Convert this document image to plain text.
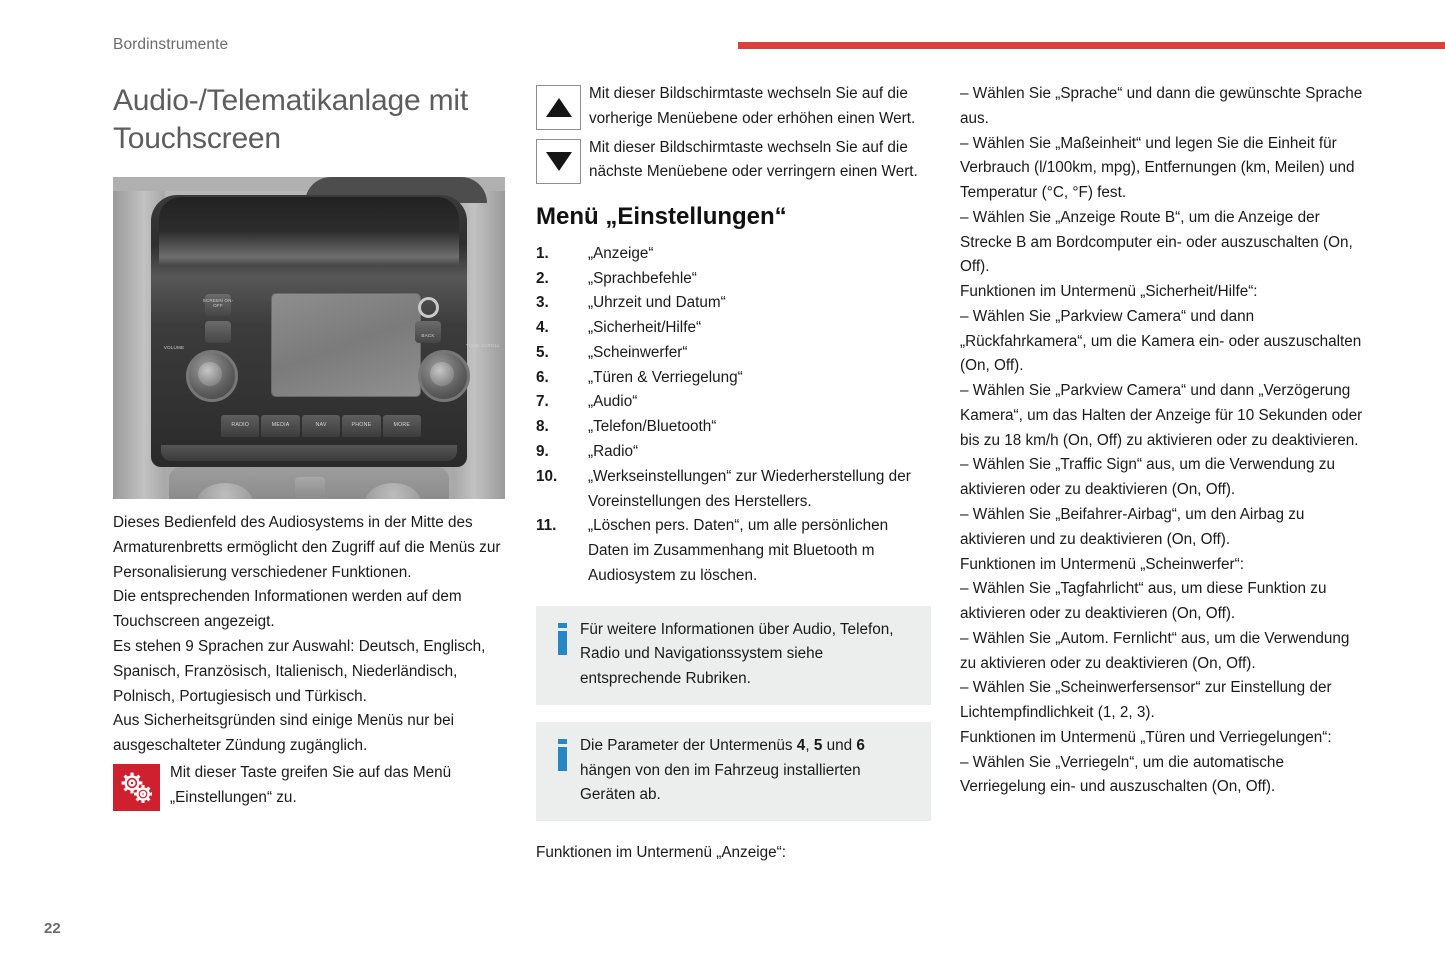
Bordinstrumente
Audio-/Telematikanlage mit Touchscreen
SCREEN ON-OFF
BACK
VOLUME	TUNE SCROLL
RADIO	MEDIA	NAV	PHONE	MORE

Dieses Bedienfeld des Audiosystems in der Mitte des Armaturenbretts ermöglicht den Zugriff auf die Menüs zur Personalisierung verschiedener Funktionen.

Die entsprechenden Informationen werden auf dem Touchscreen angezeigt.

Es stehen 9 Sprachen zur Auswahl: Deutsch, Englisch, Spanisch, Französisch, Italienisch, Niederländisch, Polnisch, Portugiesisch und Türkisch.

Aus Sicherheitsgründen sind einige Menüs nur bei ausgeschalteter Zündung zugänglich.

Mit dieser Taste greifen Sie auf das Menü „Einstellungen“ zu.
Mit dieser Bildschirmtaste wechseln Sie auf die vorherige Menüebene oder erhöhen einen Wert.
Mit dieser Bildschirmtaste wechseln Sie auf die nächste Menüebene oder verringern einen Wert.
Menü „Einstellungen“
1.	„Anzeige“
2.	„Sprachbefehle“
3.	„Uhrzeit und Datum“
4.	„Sicherheit/Hilfe“
5.	„Scheinwerfer“
6.	„Türen & Verriegelung“
7.	„Audio“
8.	„Telefon/Bluetooth“
9.	„Radio“
10. „Werkseinstellungen“ zur Wiederherstellung der Voreinstellungen des Herstellers.
11. „Löschen pers. Daten“, um alle persönlichen Daten im Zusammenhang mit Bluetooth m Audiosystem zu löschen.
Für weitere Informationen über Audio, Telefon, Radio und Navigationssystem siehe entsprechende Rubriken.
Die Parameter der Untermenüs 4, 5 und 6 hängen von den im Fahrzeug installierten Geräten ab.

Funktionen im Untermenü „Anzeige“:

– Wählen Sie „Sprache“ und dann die gewünschte Sprache aus.

– Wählen Sie „Maßeinheit“ und legen Sie die Einheit für Verbrauch (l/100km, mpg), Entfernungen (km, Meilen) und Temperatur (°C, °F) fest.

– Wählen Sie „Anzeige Route B“, um die Anzeige der Strecke B am Bordcomputer ein- oder auszuschalten (On, Off).

Funktionen im Untermenü „Sicherheit/Hilfe“:

– Wählen Sie „Parkview Camera“ und dann „Rückfahrkamera“, um die Kamera ein- oder auszuschalten (On, Off).

– Wählen Sie „Parkview Camera“ und dann „Verzögerung Kamera“, um das Halten der Anzeige für 10 Sekunden oder bis zu 18 km/h (On, Off) zu aktivieren oder zu deaktivieren.

– Wählen Sie „Traffic Sign“ aus, um die Verwendung zu aktivieren oder zu deaktivieren (On, Off).

– Wählen Sie „Beifahrer-Airbag“, um den Airbag zu aktivieren und zu deaktivieren (On, Off).

Funktionen im Untermenü „Scheinwerfer“:

– Wählen Sie „Tagfahrlicht“ aus, um diese Funktion zu aktivieren oder zu deaktivieren (On, Off).

– Wählen Sie „Autom. Fernlicht“ aus, um die Verwendung zu aktivieren oder zu deaktivieren (On, Off).

– Wählen Sie „Scheinwerfersensor“ zur Einstellung der Lichtempfindlichkeit (1, 2, 3).

Funktionen im Untermenü „Türen und Verriegelungen“:

– Wählen Sie „Verriegeln“, um die automatische Verriegelung ein- und auszuschalten (On, Off).

22
